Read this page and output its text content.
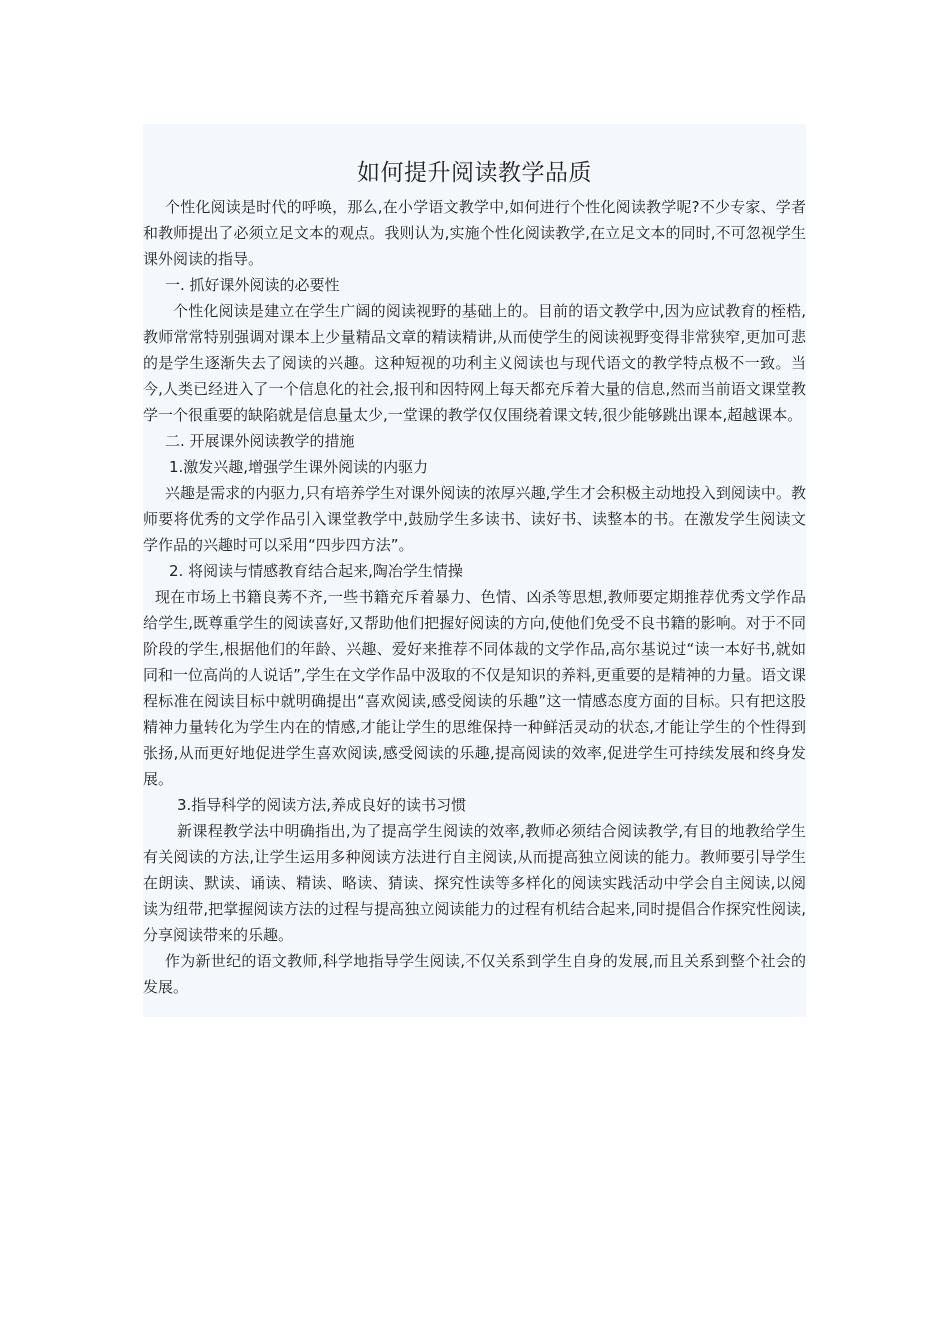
如何提升阅读教学品质

个性化阅读是时代的呼唤，那么,在小学语文教学中,如何进行个性化阅读教学呢?不少专家、学者和教师提出了必须立足文本的观点。我则认为,实施个性化阅读教学,在立足文本的同时,不可忽视学生课外阅读的指导。

一. 抓好课外阅读的必要性

个性化阅读是建立在学生广阔的阅读视野的基础上的。目前的语文教学中,因为应试教育的桎梏,教师常常特别强调对课本上少量精品文章的精读精讲,从而使学生的阅读视野变得非常狭窄,更加可悲的是学生逐渐失去了阅读的兴趣。这种短视的功利主义阅读也与现代语文的教学特点极不一致。当今,人类已经进入了一个信息化的社会,报刊和因特网上每天都充斥着大量的信息,然而当前语文课堂教学一个很重要的缺陷就是信息量太少,一堂课的教学仅仅围绕着课文转,很少能够跳出课本,超越课本。

二. 开展课外阅读教学的措施

1.激发兴趣,增强学生课外阅读的内驱力

兴趣是需求的内驱力,只有培养学生对课外阅读的浓厚兴趣,学生才会积极主动地投入到阅读中。教师要将优秀的文学作品引入课堂教学中,鼓励学生多读书、读好书、读整本的书。在激发学生阅读文学作品的兴趣时可以采用“四步四方法”。

2. 将阅读与情感教育结合起来,陶冶学生情操

现在市场上书籍良莠不齐,一些书籍充斥着暴力、色情、凶杀等思想,教师要定期推荐优秀文学作品给学生,既尊重学生的阅读喜好,又帮助他们把握好阅读的方向,使他们免受不良书籍的影响。对于不同阶段的学生,根据他们的年龄、兴趣、爱好来推荐不同体裁的文学作品,高尔基说过“读一本好书,就如同和一位高尚的人说话”,学生在文学作品中汲取的不仅是知识的养料,更重要的是精神的力量。语文课程标准在阅读目标中就明确提出“喜欢阅读,感受阅读的乐趣”这一情感态度方面的目标。只有把这股精神力量转化为学生内在的情感,才能让学生的思维保持一种鲜活灵动的状态,才能让学生的个性得到张扬,从而更好地促进学生喜欢阅读,感受阅读的乐趣,提高阅读的效率,促进学生可持续发展和终身发展。

3.指导科学的阅读方法,养成良好的读书习惯

新课程教学法中明确指出,为了提高学生阅读的效率,教师必须结合阅读教学,有目的地教给学生有关阅读的方法,让学生运用多种阅读方法进行自主阅读,从而提高独立阅读的能力。教师要引导学生在朗读、默读、诵读、精读、略读、猜读、探究性读等多样化的阅读实践活动中学会自主阅读,以阅读为纽带,把掌握阅读方法的过程与提高独立阅读能力的过程有机结合起来,同时提倡合作探究性阅读,分享阅读带来的乐趣。

作为新世纪的语文教师,科学地指导学生阅读,不仅关系到学生自身的发展,而且关系到整个社会的发展。
